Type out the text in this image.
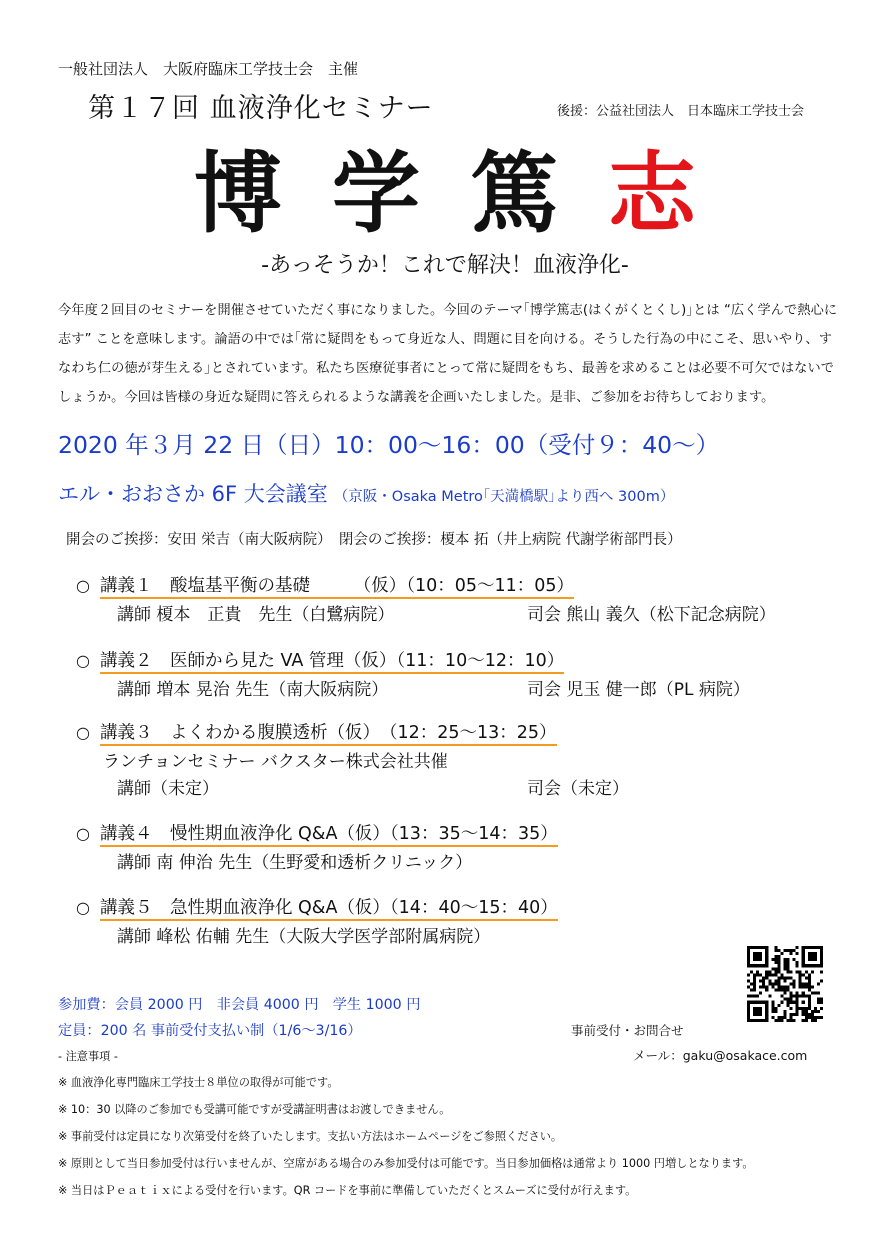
一般社団法人　大阪府臨床工学技士会　主催
第１７回 血液浄化セミナー	後援：公益社団法人　日本臨床工学技士会
博学篤志
-あっそうか！これで解決！血液浄化-
今年度２回目のセミナーを開催させていただく事になりました。今回のテーマ｢博学篤志(はくがくとくし)｣とは “広く学んで熱心に志す” ことを意味します。論語の中では｢常に疑問をもって身近な人、問題に目を向ける。そうした行為の中にこそ、思いやり、すなわち仁の徳が芽生える｣とされています。私たち医療従事者にとって常に疑問をもち、最善を求めることは必要不可欠ではないでしょうか。今回は皆様の身近な疑問に答えられるような講義を企画いたしました。是非、ご参加をお待ちしております。
2020 年３月 22 日（日）10：00～16：00（受付９：40～）
エル・おおさか 6F 大会議室 （京阪・Osaka Metro｢天満橋駅｣より西へ 300m）
開会のご挨拶：安田 栄吉（南大阪病院）　閉会のご挨拶：榎本 拓（井上病院 代謝学術部門長）
○ 講義１　酸塩基平衡の基礎　　　（仮）（10：05～11：05）
講師 榎本　正貴　先生（白鷺病院）	司会 熊山 義久（松下記念病院）
○ 講義２　医師から見た VA 管理（仮）（11：10～12：10）
講師 増本 晃治 先生（南大阪病院）	司会 児玉 健一郎（PL 病院）
○ 講義３　よくわかる腹膜透析（仮）　（12：25～13：25）
ランチョンセミナー バクスター株式会社共催
講師（未定）	司会（未定）
○ 講義４　慢性期血液浄化 Q&A（仮）（13：35～14：35）
講師 南 伸治 先生（生野愛和透析クリニック）
○ 講義５　急性期血液浄化 Q&A（仮）（14：40～15：40）
講師 峰松 佑輔 先生（大阪大学医学部附属病院）
参加費：会員 2000 円　非会員 4000 円　学生 1000 円
定員：200 名 事前受付支払い制（1/6～3/16）	事前受付・お問合せ
メール：gaku@osakace.com
- 注意事項 -
※ 血液浄化専門臨床工学技士８単位の取得が可能です。
※ 10：30 以降のご参加でも受講可能ですが受講証明書はお渡しできません。
※ 事前受付は定員になり次第受付を終了いたします。支払い方法はホームページをご参照ください。
※ 原則として当日参加受付は行いませんが、空席がある場合のみ参加受付は可能です。当日参加価格は通常より 1000 円増しとなります。
※ 当日はＰｅａｔｉｘによる受付を行います。QR コードを事前に準備していただくとスムーズに受付が行えます。
